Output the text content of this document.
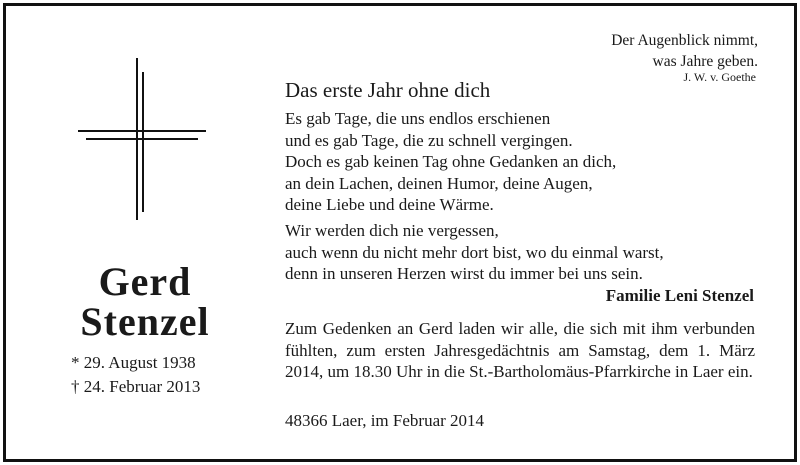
Der Augenblick nimmt,
was Jahre geben.
J. W. v. Goethe
Das erste Jahr ohne dich
Es gab Tage, die uns endlos erschienen
und es gab Tage, die zu schnell vergingen.
Doch es gab keinen Tag ohne Gedanken an dich,
an dein Lachen, deinen Humor, deine Augen,
deine Liebe und deine Wärme.
Wir werden dich nie vergessen,
auch wenn du nicht mehr dort bist, wo du einmal warst,
denn in unseren Herzen wirst du immer bei uns sein.
Familie Leni Stenzel
Zum Gedenken an Gerd laden wir alle, die sich mit ihm verbunden fühlten, zum ersten Jahresgedächtnis am Samstag, dem 1. März 2014, um 18.30 Uhr in die St.-Bartholomäus-Pfarrkirche in Laer ein.
48366 Laer, im Februar 2014
Gerd
Stenzel
* 29. August 1938
† 24. Februar 2013
